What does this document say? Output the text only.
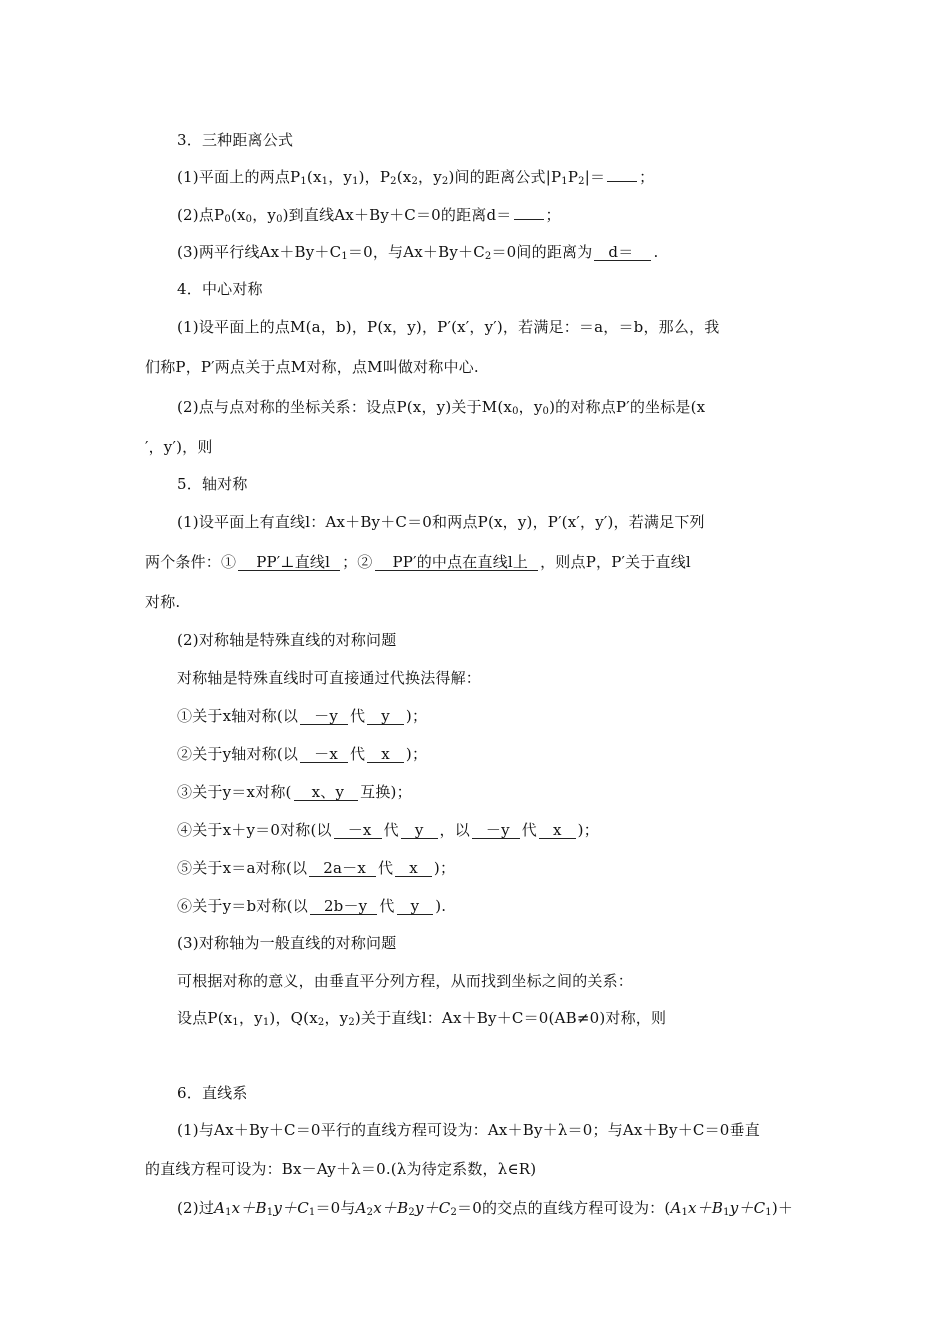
3．三种距离公式
(1)平面上的两点$P_1(x_1$，$y_1$)，$P_2(x_2$，$y_2$)间的距离公式$|P_1P_2|=$ ；
(2)点$P_0(x_0$，$y_0$)到直线Ax＋By＋C＝0的距离d＝ ；
(3)两平行线$Ax+By+C_1=0$，与$Ax+By+C_2=0$间的距离为 d＝ .
4．中心对称
(1)设平面上的点M(a，b)，P(x，y)，P′(x′，y′)，若满足：＝a，＝b，那么，我
们称P，P′两点关于点M对称，点M叫做对称中心.
(2)点与点对称的坐标关系：设点P(x，y)关于$M(x_0$，$y_0$)的对称点P′的坐标是(x
′，y′)，则
5．轴对称
(1)设平面上有直线l：Ax＋By＋C＝0和两点P(x，y)，P′(x′，y′)，若满足下列
两个条件：① PP′⊥直线l ；② PP′的中点在直线l上 ，则点P，P′关于直线l
对称.
(2)对称轴是特殊直线的对称问题
对称轴是特殊直线时可直接通过代换法得解：
①关于x轴对称(以 －y 代 y )；
②关于y轴对称(以 －x 代 x )；
③关于y＝x对称( x、y 互换)；
④关于x＋y＝0对称(以 －x 代 y ，以 －y 代 x )；
⑤关于x＝a对称(以 2a－x 代 x )；
⑥关于y＝b对称(以 2b－y 代 y ).
(3)对称轴为一般直线的对称问题
可根据对称的意义，由垂直平分列方程，从而找到坐标之间的关系：
设点$P(x_1$，$y_1$)，$Q(x_2$，$y_2$)关于直线l：Ax＋By＋C＝0(AB≠0)对称，则
6．直线系
(1)与Ax＋By＋C＝0平行的直线方程可设为：Ax＋By＋λ＝0；与Ax＋By＋C＝0垂直
的直线方程可设为：Bx－Ay＋λ＝0.(λ为待定系数，λ∈R)
(2)过$A_1x+B_1y+C_1=0$与$A_2x+B_2y+C_2=0$的交点的直线方程可设为：$(A_1x+B_1y+C_1)+$
